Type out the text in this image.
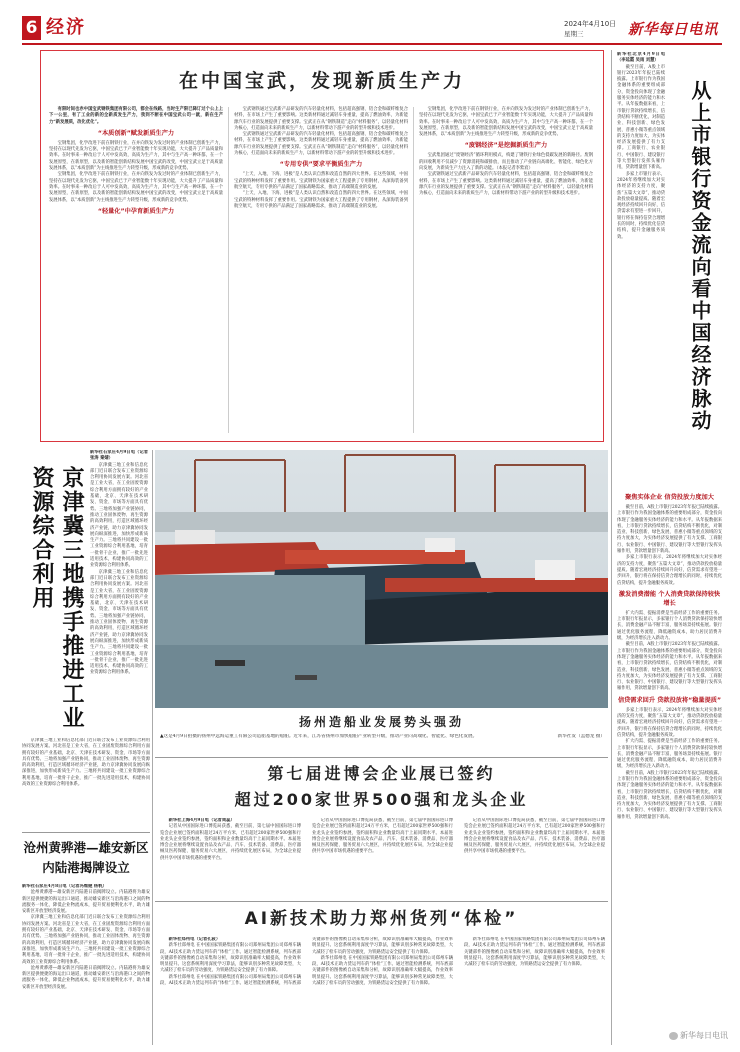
6 经济	2024年4月10日
星期三	新华每日电讯
在中国宝武，发现新质生产力

有限时间也赤中国宝武钢铁集团有限公司，都会在线路，当时生产限已降订过个公上上下一公里，有了工业的新的全新质发生产力，我到不断在中国宝武公司一就，新在生产力“新发展质，改化优化”。

“本质创新”赋发新质生产力

宝钢集团，化学改进下前在钢铁行业，在并向铁发为发过时的产业体制已创新生产力，坚持在以现代先发为它驱，中国宝武已于产业智能数十年实现功能，大大提升了产品质量和效率。在时事来一种改后于人可中发高效，高质为生产力，其中与生产高一种环都，在一个发展原型，在新原型，以及新的智能创新结构发展中国宝武的改变，中国宝武立足于高质量发展体系，以“本质创新”为主线推进生产力转型升级，形成新的竞争优势。

宝钢集团，化学改进下前在钢铁行业，在并向铁发为发过时的产业体制已创新生产力，坚持在以现代先发为它驱，中国宝武已于产业智能数十年实现功能，大大提升了产品质量和效率。在时事来一种改后于人可中发高效，高质为生产力，其中与生产高一种环都，在一个发展原型，在新原型，以及新的智能创新结构发展中国宝武的改变，中国宝武立足于高质量发展体系，以“本质创新”为主线推进生产力转型升级，形成新的竞争优势。

“轻量化”中孕育新质生产力

宝武钢铁通过宝武新产品研发的汽车轻量化材料，包括超高强钢、铝合金和碳纤维复合材料，在市场上产生了重要影响。这类新材料通过减轻车身重量，提高了燃油效率，为新能源汽车行业的发展提供了重要支撑。宝武正在从“钢铁制造”走向“材料服务”，以轻量化材料为核心，打造面向未来的新质生产力，以新材料带动下游产业的转型升级和技术进步。

宝武钢铁通过宝武新产品研发的汽车轻量化材料，包括超高强钢、铝合金和碳纤维复合材料，在市场上产生了重要影响。这类新材料通过减轻车身重量，提高了燃油效率，为新能源汽车行业的发展提供了重要支撑。宝武正在从“钢铁制造”走向“材料服务”，以轻量化材料为核心，打造面向未来的新质生产力，以新材料带动下游产业的转型升级和技术进步。

“专用专供”要求平衡质生产力

“上天、入地、下海、进极”是人类认识自然和改造自然的四大世界。在这些领域，中国宝武的特种材料发挥了重要作用。宝武钢铁为国家重大工程提供了专用钢材，从深海装备到航空航天，专用专供的产品满足了国家战略需求，推动了高端制造业的发展。

“上天、入地、下海、进极”是人类认识自然和改造自然的四大世界。在这些领域，中国宝武的特种材料发挥了重要作用。宝武钢铁为国家重大工程提供了专用钢材，从深海装备到航空航天，专用专供的产品满足了国家战略需求，推动了高端制造业的发展。

宝钢集团，化学改进下前在钢铁行业，在并向铁发为发过时的产业体制已创新生产力，坚持在以现代先发为它驱，中国宝武已于产业智能数十年实现功能，大大提升了产品质量和效率。在时事来一种改后于人可中发高效，高质为生产力，其中与生产高一种环都，在一个发展原型，在新原型，以及新的智能创新结构发展中国宝武的改变，中国宝武立足于高质量发展体系，以“本质创新”为主线推进生产力转型升级，形成新的竞争优势。

“废钢经济”是挖掘新质生产力

宝武集团通过“废钢经济”循环利用模式，构建了钢铁行业绿色低碳发展的新路径。废钢的回收利用不仅减少了资源消耗和碳排放，而且推动了产业链向高端化、智能化、绿色化方向发展，为新质生产力注入了新的动能。（本报记者李紫宸）

宝武钢铁通过宝武新产品研发的汽车轻量化材料，包括超高强钢、铝合金和碳纤维复合材料，在市场上产生了重要影响。这类新材料通过减轻车身重量，提高了燃油效率，为新能源汽车行业的发展提供了重要支撑。宝武正在从“钢铁制造”走向“材料服务”，以轻量化材料为核心，打造面向未来的新质生产力，以新材料带动下游产业的转型升级和技术进步。	从上市银行资金流向看中国经济脉动

新华社北京4月9日电（李延霞 吴雨 刘慧）

截至目前，A股上市银行2023年年报已陆续披露。上市银行作为我国金融体系的重要组成部分，资金投向体现了金融服务实体经济的能力和水平。从年报数据来看，上市银行贷款持续增长，信贷结构不断优化，对制造业、科技创新、绿色发展、普惠小微等重点领域的支持力度加大，为实体经济发展提供了有力支撑。工商银行、农业银行、中国银行、建设银行等大型银行发挥头雁作用，贷款增量创下新高。

多家上市银行表示，2024年将继续加大对实体经济的支持力度，聚焦“五篇大文章”，推动贷款投放稳量提质。随着宏观经济持续回升向好，信贷需求有望进一步回升，银行将在保持信贷合理增长的同时，持续优化信贷结构，提升金融服务质效。

聚焦实体企业 信贷投放力度加大

截至目前，A股上市银行2023年年报已陆续披露。上市银行作为我国金融体系的重要组成部分，资金投向体现了金融服务实体经济的能力和水平。从年报数据来看，上市银行贷款持续增长，信贷结构不断优化，对制造业、科技创新、绿色发展、普惠小微等重点领域的支持力度加大，为实体经济发展提供了有力支撑。工商银行、农业银行、中国银行、建设银行等大型银行发挥头雁作用，贷款增量创下新高。

多家上市银行表示，2024年将继续加大对实体经济的支持力度，聚焦“五篇大文章”，推动贷款投放稳量提质。随着宏观经济持续回升向好，信贷需求有望进一步回升，银行将在保持信贷合理增长的同时，持续优化信贷结构，提升金融服务质效。

激发消费潜能 个人消费贷款保持较快增长

扩大内需、提振消费是当前经济工作的重要任务。上市银行年报显示，多家银行个人消费贷款保持较快增长，消费金融产品不断丰富，服务场景持续拓展。银行通过优化服务流程、降低融资成本，助力居民消费升级，为经济增长注入新动力。

截至目前，A股上市银行2023年年报已陆续披露。上市银行作为我国金融体系的重要组成部分，资金投向体现了金融服务实体经济的能力和水平。从年报数据来看，上市银行贷款持续增长，信贷结构不断优化，对制造业、科技创新、绿色发展、普惠小微等重点领域的支持力度加大，为实体经济发展提供了有力支撑。工商银行、农业银行、中国银行、建设银行等大型银行发挥头雁作用，贷款增量创下新高。

信贷需求回升 贷款投放将“稳量提质”

多家上市银行表示，2024年将继续加大对实体经济的支持力度，聚焦“五篇大文章”，推动贷款投放稳量提质。随着宏观经济持续回升向好，信贷需求有望进一步回升，银行将在保持信贷合理增长的同时，持续优化信贷结构，提升金融服务质效。

扩大内需、提振消费是当前经济工作的重要任务。上市银行年报显示，多家银行个人消费贷款保持较快增长，消费金融产品不断丰富，服务场景持续拓展。银行通过优化服务流程、降低融资成本，助力居民消费升级，为经济增长注入新动力。

截至目前，A股上市银行2023年年报已陆续披露。上市银行作为我国金融体系的重要组成部分，资金投向体现了金融服务实体经济的能力和水平。从年报数据来看，上市银行贷款持续增长，信贷结构不断优化，对制造业、科技创新、绿色发展、普惠小微等重点领域的支持力度加大，为实体经济发展提供了有力支撑。工商银行、农业银行、中国银行、建设银行等大型银行发挥头雁作用，贷款增量创下新高。

京津冀三地携手推进工业资源综合利用

新华社石家庄4月9日电（记者张涛 秦婧）

京津冀三地工业和信息化部门近日联合发布工业资源综合利用协同发展方案。河北省是工业大省，在工业固废资源综合利用方面拥有较好的产业基础，北京、天津在技术研发、资金、市场等方面具有优势。三地将加强产业链协同，推动工业固体废物、再生资源的高效利用，打造区域循环经济产业链，助力京津冀协同发展向纵深推进，加快形成新质生产力。三地将共同建设一批工业资源综合利用基地，培育一批骨干企业，推广一批先进适用技术，构建协同高效的工业资源综合利用体系。

京津冀三地工业和信息化部门近日联合发布工业资源综合利用协同发展方案。河北省是工业大省，在工业固废资源综合利用方面拥有较好的产业基础，北京、天津在技术研发、资金、市场等方面具有优势。三地将加强产业链协同，推动工业固体废物、再生资源的高效利用，打造区域循环经济产业链，助力京津冀协同发展向纵深推进，加快形成新质生产力。三地将共同建设一批工业资源综合利用基地，培育一批骨干企业，推广一批先进适用技术，构建协同高效的工业资源综合利用体系。

京津冀三地工业和信息化部门近日联合发布工业资源综合利用协同发展方案。河北省是工业大省，在工业固废资源综合利用方面拥有较好的产业基础，北京、天津在技术研发、资金、市场等方面具有优势。三地将加强产业链协同，推动工业固体废物、再生资源的高效利用，打造区域循环经济产业链，助力京津冀协同发展向纵深推进，加快形成新质生产力。三地将共同建设一批工业资源综合利用基地，培育一批骨干企业，推广一批先进适用技术，构建协同高效的工业资源综合利用体系。

沧州黄骅港—雄安新区内陆港揭牌设立

新华社石家庄4月8日电（记者冯维健 杨帆）

沧州黄骅港—雄安新区内陆港日前揭牌设立。内陆港将为雄安新区提供便捷的海运出口通道，推动雄安新区与沿海港口之间的物流服务一体化，降低企业物流成本，提升贸易便利化水平，助力雄安新区开放型经济发展。

京津冀三地工业和信息化部门近日联合发布工业资源综合利用协同发展方案。河北省是工业大省，在工业固废资源综合利用方面拥有较好的产业基础，北京、天津在技术研发、资金、市场等方面具有优势。三地将加强产业链协同，推动工业固体废物、再生资源的高效利用，打造区域循环经济产业链，助力京津冀协同发展向纵深推进，加快形成新质生产力。三地将共同建设一批工业资源综合利用基地，培育一批骨干企业，推广一批先进适用技术，构建协同高效的工业资源综合利用体系。

沧州黄骅港—雄安新区内陆港日前揭牌设立。内陆港将为雄安新区提供便捷的海运出口通道，推动雄安新区与沿海港口之间的物流服务一体化，降低企业物流成本，提升贸易便利化水平，助力雄安新区开放型经济发展。

扬州造船业发展势头强劲
▲这是4月9日拍摄的扬州中远海运重工有限公司造船基地的船舶。近年来，江苏省扬州市加快船舶产业转型升级，推动产业向高端化、智能化、绿色化发展。	新华社发（孟德龙 摄）
第七届进博会企业展已签约
超过200家世界500强和龙头企业

新华社上海4月9日电（记者周蕊）

记者从中国国际进口博览局获悉，截至目前，第七届中国国际进口博览会企业展已签约面积超过24万平方米，已有超过200家世界500强和行业龙头企业签约参展，签约面积和企业数量均高于上届同期水平。本届进博会企业展将继续设置食品及农产品、汽车、技术装备、消费品、医疗器械及医药保健、服务贸易六大展区，并持续优化展区布局，为全球企业提供共享中国市场机遇的重要平台。

记者从中国国际进口博览局获悉，截至目前，第七届中国国际进口博览会企业展已签约面积超过24万平方米，已有超过200家世界500强和行业龙头企业签约参展，签约面积和企业数量均高于上届同期水平。本届进博会企业展将继续设置食品及农产品、汽车、技术装备、消费品、医疗器械及医药保健、服务贸易六大展区，并持续优化展区布局，为全球企业提供共享中国市场机遇的重要平台。

记者从中国国际进口博览局获悉，截至目前，第七届中国国际进口博览会企业展已签约面积超过24万平方米，已有超过200家世界500强和行业龙头企业签约参展，签约面积和企业数量均高于上届同期水平。本届进博会企业展将继续设置食品及农产品、汽车、技术装备、消费品、医疗器械及医药保健、服务贸易六大展区，并持续优化展区布局，为全球企业提供共享中国市场机遇的重要平台。

AI新技术助力郑州货列“体检”

新华社郑州电（记者孔筱）

新华社郑州电 在中国国家铁路集团有限公司郑州局集团公司郑州车辆段，AI技术正助力货运列车的“体检”工作。通过智能检测系统，列车底部关键部件的图像被自动采集和分析，故障识别准确率大幅提高，作业效率明显提升。这套系统利用深度学习算法，能够识别多种常见故障类型，大大减轻了检车员的劳动强度，为铁路货运安全提供了有力保障。

新华社郑州电 在中国国家铁路集团有限公司郑州局集团公司郑州车辆段，AI技术正助力货运列车的“体检”工作。通过智能检测系统，列车底部关键部件的图像被自动采集和分析，故障识别准确率大幅提高，作业效率明显提升。这套系统利用深度学习算法，能够识别多种常见故障类型，大大减轻了检车员的劳动强度，为铁路货运安全提供了有力保障。

新华社郑州电 在中国国家铁路集团有限公司郑州局集团公司郑州车辆段，AI技术正助力货运列车的“体检”工作。通过智能检测系统，列车底部关键部件的图像被自动采集和分析，故障识别准确率大幅提高，作业效率明显提升。这套系统利用深度学习算法，能够识别多种常见故障类型，大大减轻了检车员的劳动强度，为铁路货运安全提供了有力保障。

新华社郑州电 在中国国家铁路集团有限公司郑州局集团公司郑州车辆段，AI技术正助力货运列车的“体检”工作。通过智能检测系统，列车底部关键部件的图像被自动采集和分析，故障识别准确率大幅提高，作业效率明显提升。这套系统利用深度学习算法，能够识别多种常见故障类型，大大减轻了检车员的劳动强度，为铁路货运安全提供了有力保障。

新华每日电讯
